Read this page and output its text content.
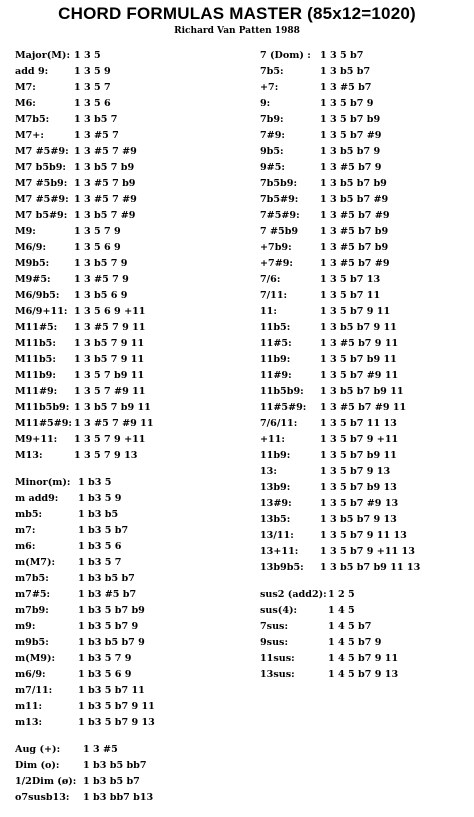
CHORD FORMULAS MASTER (85x12=1020)
Richard Van Patten 1988
Major(M): 1 3 5
add 9:	1 3 5 9
M7:	1 3 5 7
M6:	1 3 5 6
M7b5:	1 3 b5 7
M7+:	1 3 #5 7
M7 #5#9: 1 3 #5 7 #9
M7 b5b9: 1 3 b5 7 b9
M7 #5b9: 1 3 #5 7 b9
M7 #5#9: 1 3 #5 7 #9
M7 b5#9: 1 3 b5 7 #9
M9:	1 3 5 7 9
M6/9:	1 3 5 6 9
M9b5:	1 3 b5 7 9
M9#5: 1 3 #5 7 9
M6/9b5: 1 3 b5 6 9
M6/9+11: 1 3 5 6 9 +11
M11#5: 1 3 #5 7 9 11
M11b5: 1 3 b5 7 9 11
M11b5: 1 3 b5 7 9 11
M11b9: 1 3 5 7 b9 11
M11#9: 1 3 5 7 #9 11
M11b5b9: 1 3 b5 7 b9 11
M11#5#9: 1 3 #5 7 #9 11
M9+11: 1 3 5 7 9 +11
M13:	1 3 5 7 9 13
Minor(m): 1 b3 5
m add9: 1 b3 5 9
mb5:	1 b3 b5
m7:	1 b3 5 b7
m6:	1 b3 5 6
m(M7): 1 b3 5 7
m7b5:	1 b3 b5 b7
m7#5:	1 b3 #5 b7
m7b9:	1 b3 5 b7 b9
m9:	1 b3 5 b7 9
m9b5:	1 b3 b5 b7 9
m(M9): 1 b3 5 7 9
m6/9:	1 b3 5 6 9
m7/11:	1 b3 5 b7 11
m11:	1 b3 5 b7 9 11
m13:	1 b3 5 b7 9 13
Aug (+): 1 3 #5
Dim (o): 1 b3 b5 bb7
1/2Dim (ø): 1 b3 b5 b7
o7susb13: 1 b3 bb7 b13
7 (Dom) : 1 3 5 b7
7b5:	1 3 b5 b7
+7:	1 3 #5 b7
9:	1 3 5 b7 9
7b9:	1 3 5 b7 b9
7#9:	1 3 5 b7 #9
9b5:	1 3 b5 b7 9
9#5:	1 3 #5 b7 9
7b5b9: 1 3 b5 b7 b9
7b5#9: 1 3 b5 b7 #9
7#5#9: 1 3 #5 b7 #9
7 #5b9 1 3 #5 b7 b9
+7b9:	1 3 #5 b7 b9
+7#9:	1 3 #5 b7 #9
7/6:	1 3 5 b7 13
7/11:	1 3 5 b7 11
11:	1 3 5 b7 9 11
11b5:	1 3 b5 b7 9 11
11#5:	1 3 #5 b7 9 11
11b9:	1 3 5 b7 b9 11
11#9:	1 3 5 b7 #9 11
11b5b9: 1 3 b5 b7 b9 11
11#5#9: 1 3 #5 b7 #9 11
7/6/11: 1 3 5 b7 11 13
+11:	1 3 5 b7 9 +11
11b9:	1 3 5 b7 b9 11
13:	1 3 5 b7 9 13
13b9:	1 3 5 b7 b9 13
13#9:	1 3 5 b7 #9 13
13b5:	1 3 b5 b7 9 13
13/11:	1 3 5 b7 9 11 13
13+11: 1 3 5 b7 9 +11 13
13b9b5: 1 3 b5 b7 b9 11 13
sus2 (add2): 1 2 5
sus(4):	1 4 5
7sus:	1 4 5 b7
9sus:	1 4 5 b7 9
11sus:	1 4 5 b7 9 11
13sus:	1 4 5 b7 9 13
